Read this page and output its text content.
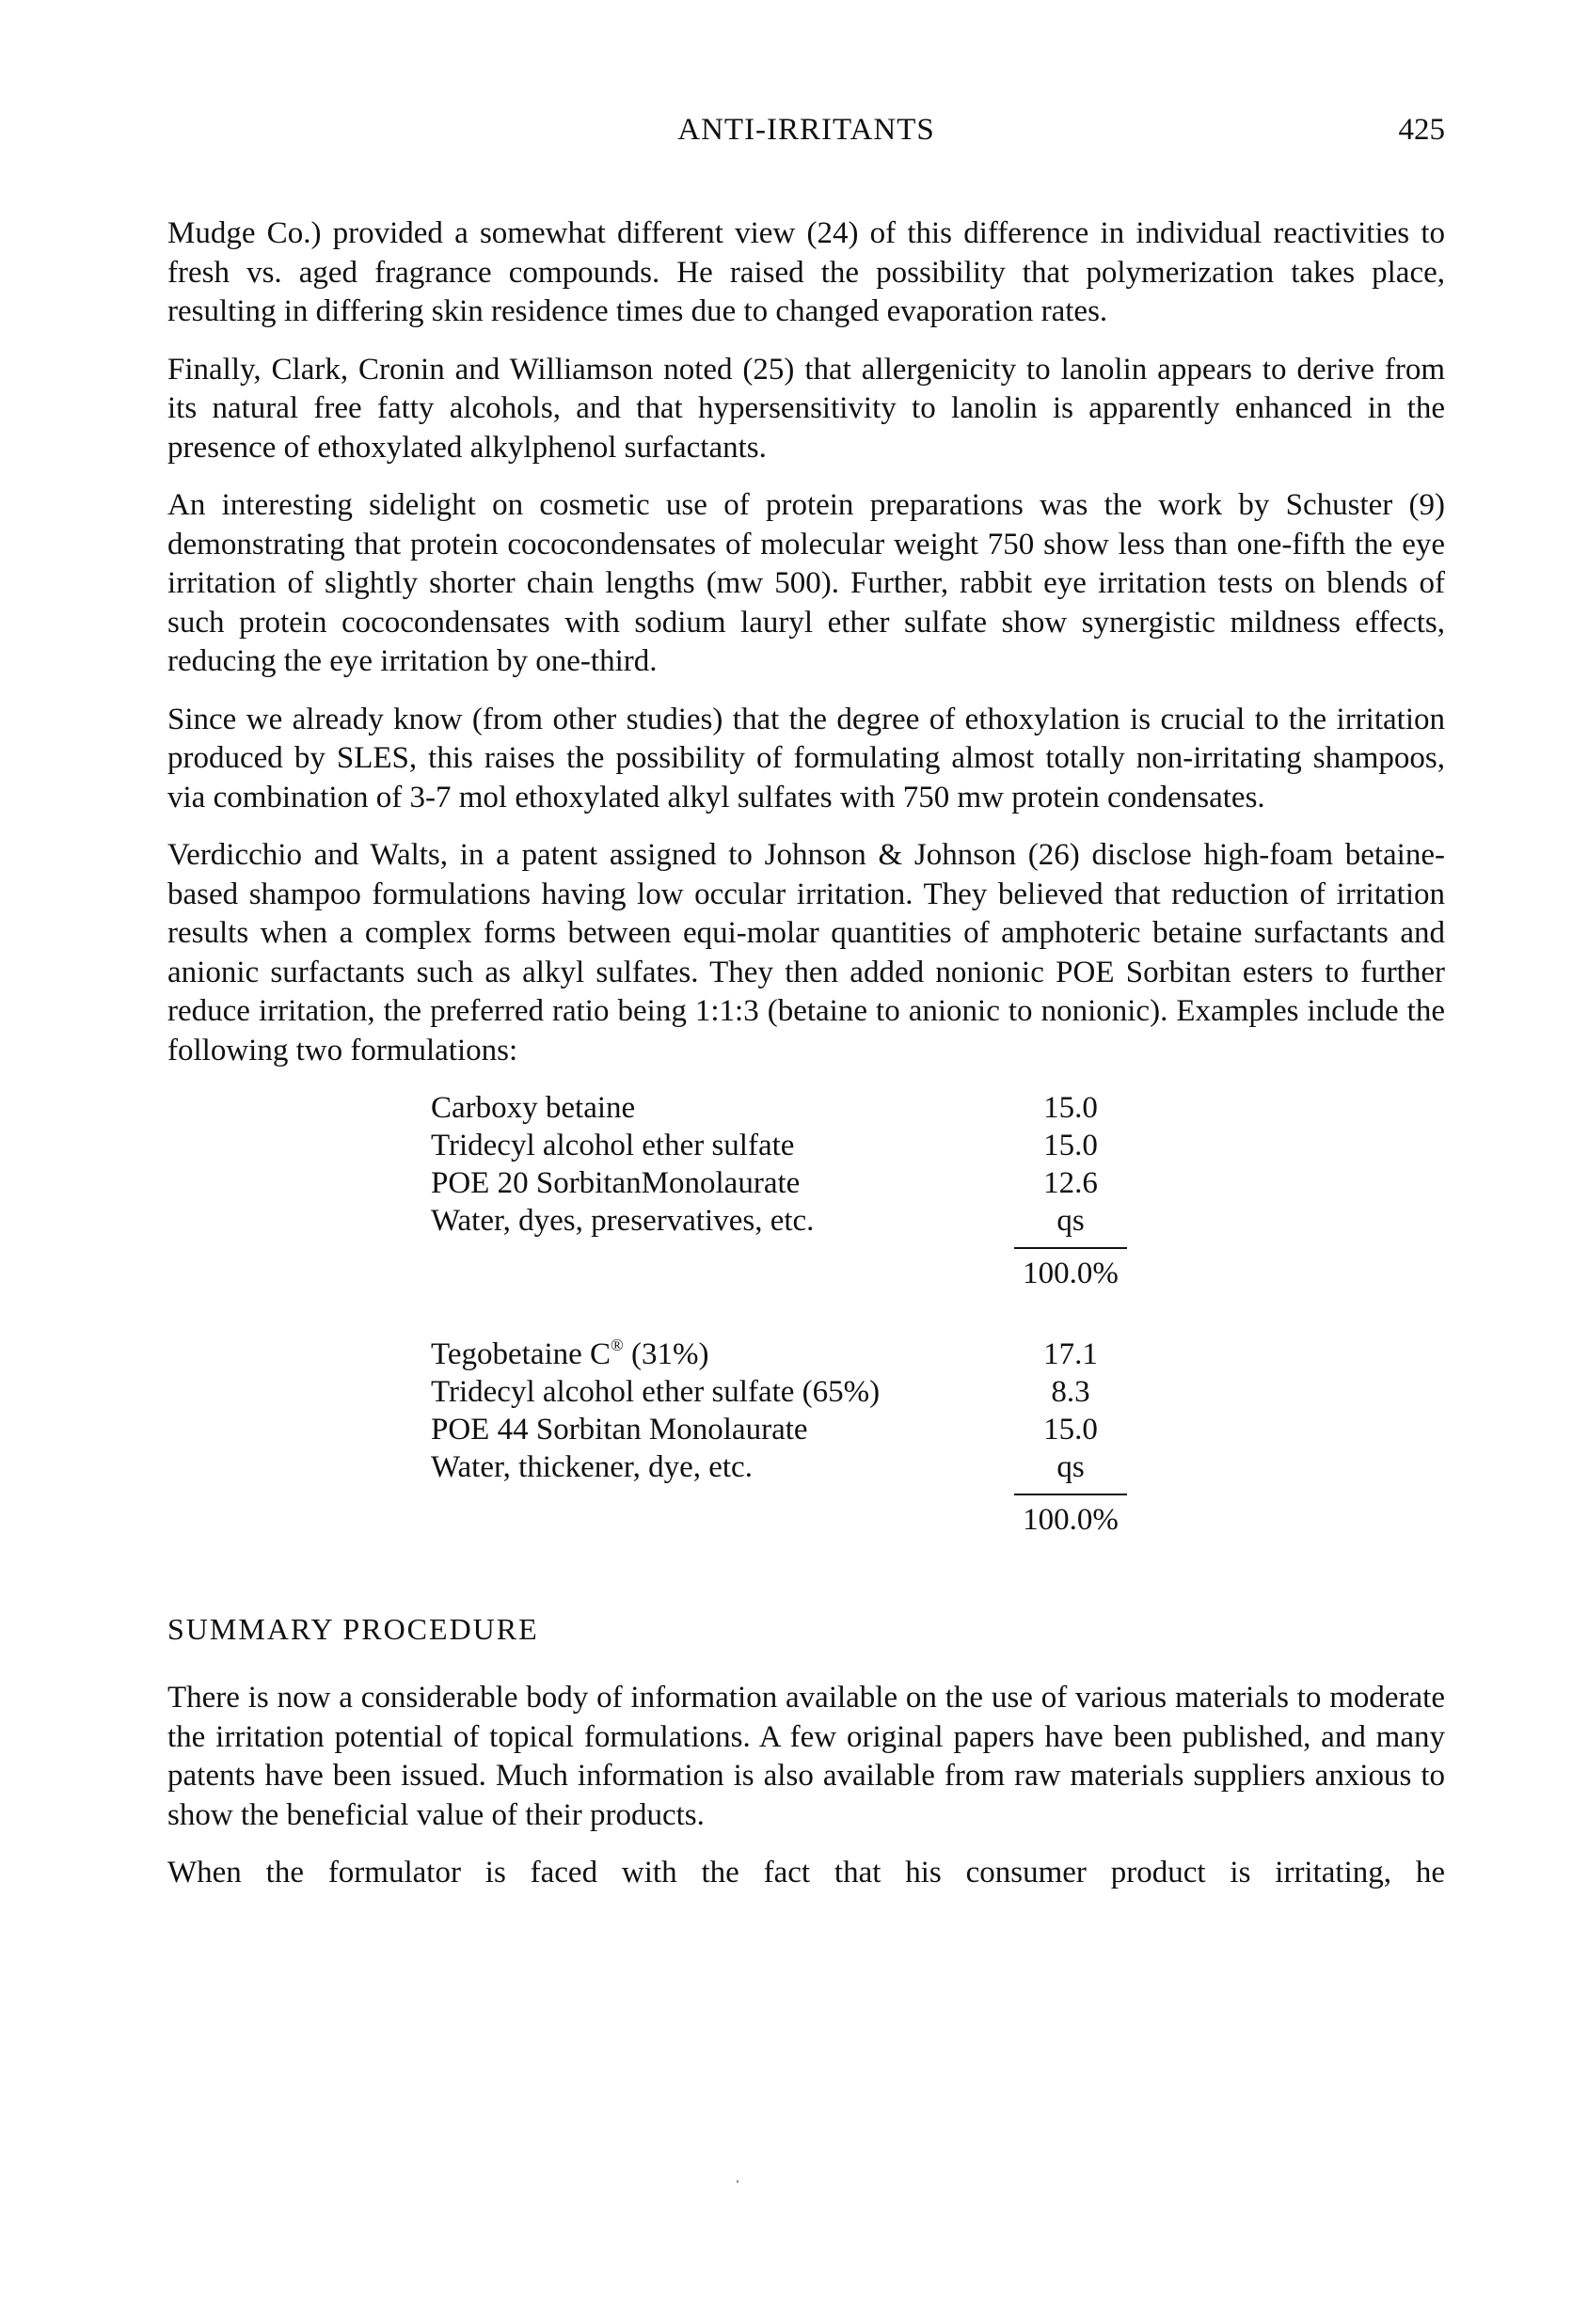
ANTI-IRRITANTS	425

Mudge Co.) provided a somewhat different view (24) of this difference in individual reactivities to fresh vs. aged fragrance compounds. He raised the possibility that polymerization takes place, resulting in differing skin residence times due to changed evaporation rates.

Finally, Clark, Cronin and Williamson noted (25) that allergenicity to lanolin appears to derive from its natural free fatty alcohols, and that hypersensitivity to lanolin is apparently enhanced in the presence of ethoxylated alkylphenol surfactants.

An interesting sidelight on cosmetic use of protein preparations was the work by Schuster (9) demonstrating that protein cococondensates of molecular weight 750 show less than one-fifth the eye irritation of slightly shorter chain lengths (mw 500). Further, rabbit eye irritation tests on blends of such protein cococondensates with sodium lauryl ether sulfate show synergistic mildness effects, reducing the eye irritation by one-third.

Since we already know (from other studies) that the degree of ethoxylation is crucial to the irritation produced by SLES, this raises the possibility of formulating almost totally non-irritating shampoos, via combination of 3-7 mol ethoxylated alkyl sulfates with 750 mw protein condensates.

Verdicchio and Walts, in a patent assigned to Johnson & Johnson (26) disclose high-foam betaine-based shampoo formulations having low occular irritation. They believed that reduction of irritation results when a complex forms between equi-molar quantities of amphoteric betaine surfactants and anionic surfactants such as alkyl sulfates. They then added nonionic POE Sorbitan esters to further reduce irritation, the preferred ratio being 1:1:3 (betaine to anionic to nonionic). Examples include the following two formulations:

Carboxy betaine	15.0
Tridecyl alcohol ether sulfate	15.0
POE 20 SorbitanMonolaurate	12.6
Water, dyes, preservatives, etc.	qs
100.0%
Tegobetaine C® (31%)	17.1
Tridecyl alcohol ether sulfate (65%)	8.3
POE 44 Sorbitan Monolaurate	15.0
Water, thickener, dye, etc.	qs
100.0%
SUMMARY PROCEDURE

There is now a considerable body of information available on the use of various materials to moderate the irritation potential of topical formulations. A few original papers have been published, and many patents have been issued. Much information is also available from raw materials suppliers anxious to show the beneficial value of their products.

When the formulator is faced with the fact that his consumer product is irritating, he
